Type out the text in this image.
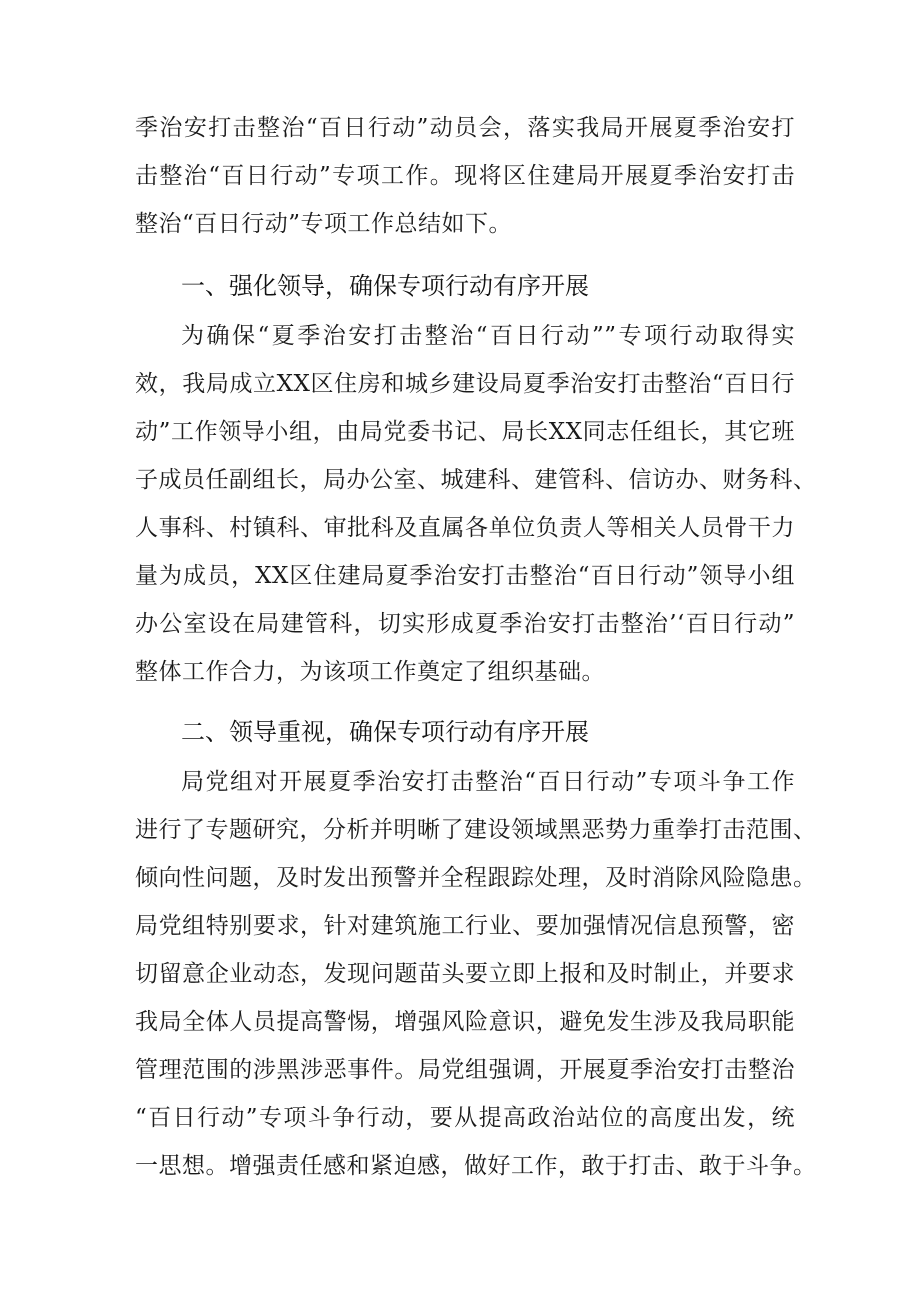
季治安打击整治“百日行动”动员会，落实我局开展夏季治安打
击整治“百日行动”专项工作。现将区住建局开展夏季治安打击
整治“百日行动”专项工作总结如下。
一、强化领导，确保专项行动有序开展
为确保“夏季治安打击整治“百日行动””专项行动取得实
效，我局成立XX区住房和城乡建设局夏季治安打击整治“百日行
动”工作领导小组，由局党委书记、局长XX同志任组长，其它班
子成员任副组长，局办公室、城建科、建管科、信访办、财务科、
人事科、村镇科、审批科及直属各单位负责人等相关人员骨干力
量为成员，XX区住建局夏季治安打击整治“百日行动”领导小组
办公室设在局建管科，切实形成夏季治安打击整治’‘百日行动”
整体工作合力，为该项工作奠定了组织基础。
二、领导重视，确保专项行动有序开展
局党组对开展夏季治安打击整治“百日行动”专项斗争工作
进行了专题研究，分析并明晰了建设领域黑恶势力重拳打击范围、
倾向性问题，及时发出预警并全程跟踪处理，及时消除风险隐患。
局党组特别要求，针对建筑施工行业、要加强情况信息预警，密
切留意企业动态，发现问题苗头要立即上报和及时制止，并要求
我局全体人员提高警惕，增强风险意识，避免发生涉及我局职能
管理范围的涉黑涉恶事件。局党组强调，开展夏季治安打击整治
“百日行动”专项斗争行动，要从提高政治站位的高度出发，统
一思想。增强责任感和紧迫感，做好工作，敢于打击、敢于斗争。
